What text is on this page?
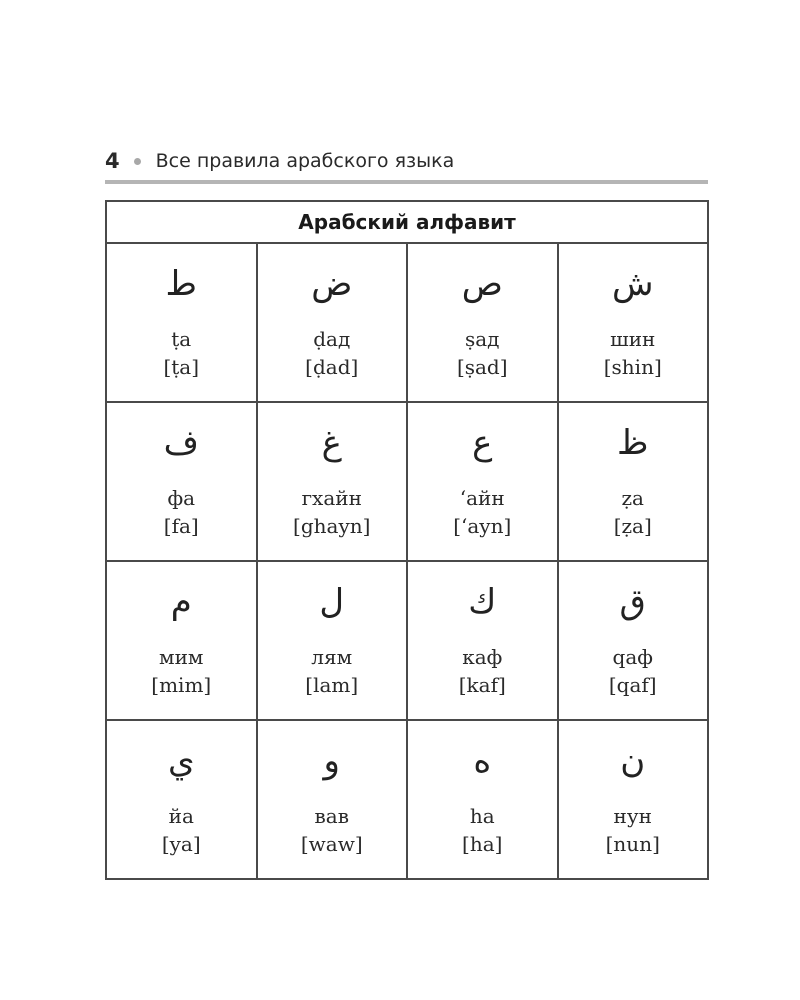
4 Все правила арабского языка
Арабский алфавит			

ط
ṭа
[ṭa]	ض
ḍад
[ḍad]	ص
ṣад
[ṣad]	ش
шин
[shin]

ف
фа
[fa]	غ
гхайн
[ghayn]	ع
ʻайн
[ʻayn]	ظ
ẓа
[ẓa]

م
мим
[mim]	ل
лям
[lam]	ك
каф
[kaf]	ق
qaф
[qaf]

ي
йа
[ya]	و
вав
[waw]	ه
ha
[ha]	ن
нун
[nun]
